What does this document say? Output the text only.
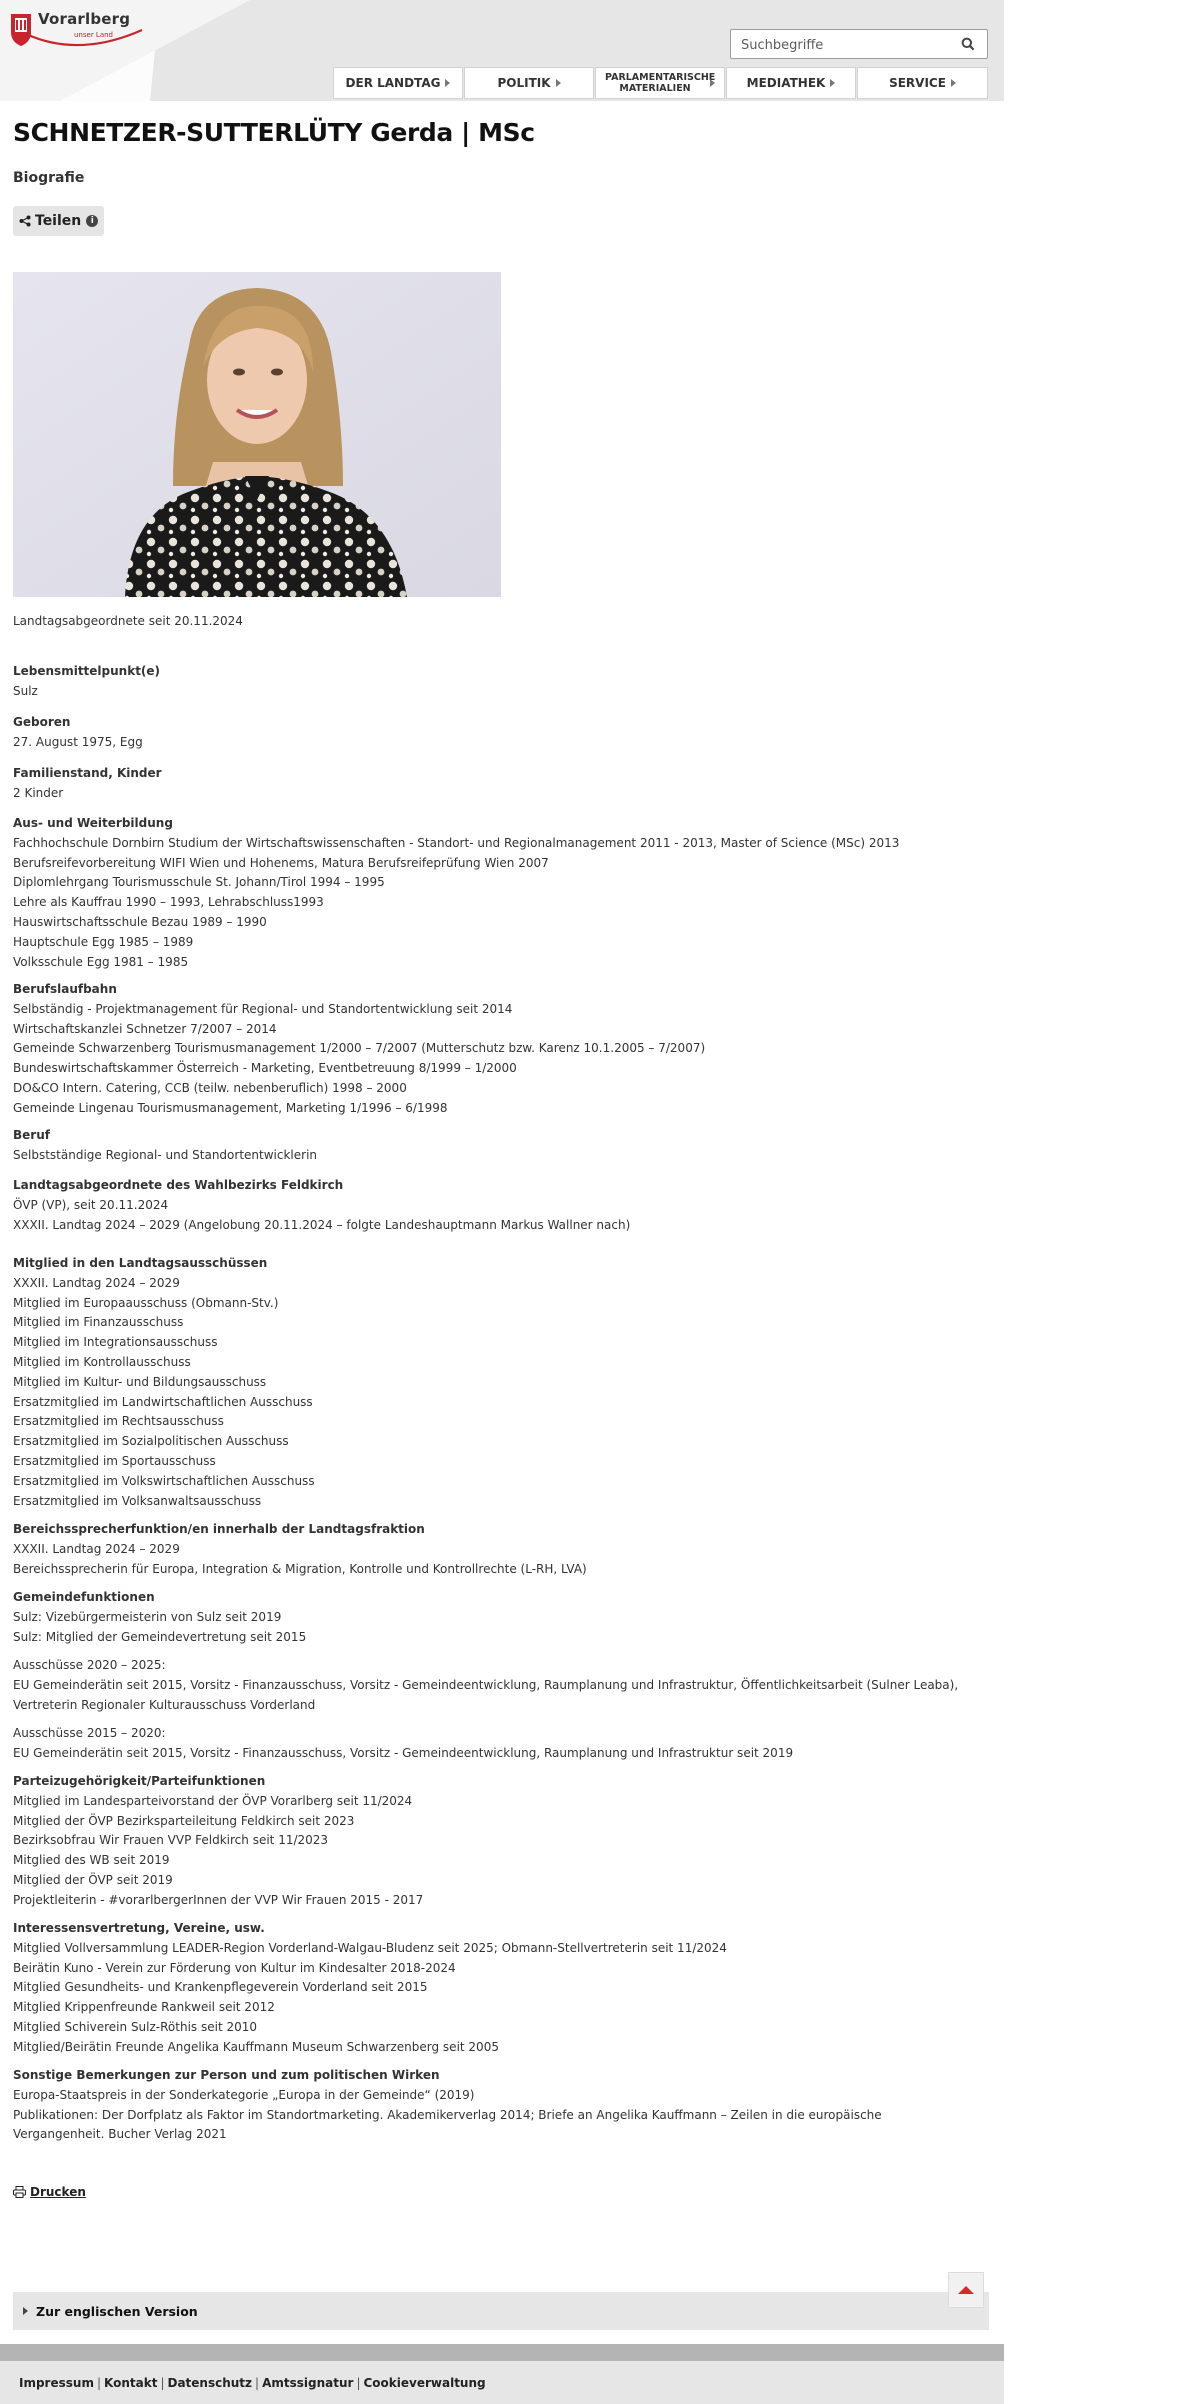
Vorarlberg
unser Land
Suchbegriffe
DER LANDTAG	POLITIK	PARLAMENTARISCHE MATERIALIEN	MEDIATHEK	SERVICE
SCHNETZER-SUTTERLÜTY Gerda | MSc
Biografie
Teilen	i
Landtagsabgeordnete seit 20.11.2024
Lebensmittelpunkt(e)
Sulz
Geboren
27. August 1975, Egg
Familienstand, Kinder
2 Kinder
Aus- und Weiterbildung
Fachhochschule Dornbirn Studium der Wirtschaftswissenschaften - Standort- und Regionalmanagement 2011 - 2013, Master of Science (MSc) 2013
Berufsreifevorbereitung WIFI Wien und Hohenems, Matura Berufsreifeprüfung Wien 2007
Diplomlehrgang Tourismusschule St. Johann/Tirol 1994 – 1995
Lehre als Kauffrau 1990 – 1993, Lehrabschluss1993
Hauswirtschaftsschule Bezau 1989 – 1990
Hauptschule Egg 1985 – 1989
Volksschule Egg 1981 – 1985
Berufslaufbahn
Selbständig - Projektmanagement für Regional- und Standortentwicklung seit 2014
Wirtschaftskanzlei Schnetzer 7/2007 – 2014
Gemeinde Schwarzenberg Tourismusmanagement 1/2000 – 7/2007 (Mutterschutz bzw. Karenz 10.1.2005 – 7/2007)
Bundeswirtschaftskammer Österreich - Marketing, Eventbetreuung 8/1999 – 1/2000
DO&CO Intern. Catering, CCB (teilw. nebenberuflich) 1998 – 2000
Gemeinde Lingenau Tourismusmanagement, Marketing 1/1996 – 6/1998
Beruf
Selbstständige Regional- und Standortentwicklerin
Landtagsabgeordnete des Wahlbezirks Feldkirch
ÖVP (VP), seit 20.11.2024
XXXII. Landtag 2024 – 2029 (Angelobung 20.11.2024 – folgte Landeshauptmann Markus Wallner nach)
Mitglied in den Landtagsausschüssen
XXXII. Landtag 2024 – 2029
Mitglied im Europaausschuss (Obmann-Stv.)
Mitglied im Finanzausschuss
Mitglied im Integrationsausschuss
Mitglied im Kontrollausschuss
Mitglied im Kultur- und Bildungsausschuss
Ersatzmitglied im Landwirtschaftlichen Ausschuss
Ersatzmitglied im Rechtsausschuss
Ersatzmitglied im Sozialpolitischen Ausschuss
Ersatzmitglied im Sportausschuss
Ersatzmitglied im Volkswirtschaftlichen Ausschuss
Ersatzmitglied im Volksanwaltsausschuss
Bereichssprecherfunktion/en innerhalb der Landtagsfraktion
XXXII. Landtag 2024 – 2029
Bereichssprecherin für Europa, Integration & Migration, Kontrolle und Kontrollrechte (L-RH, LVA)
Gemeindefunktionen
Sulz: Vizebürgermeisterin von Sulz seit 2019
Sulz: Mitglied der Gemeindevertretung seit 2015
Ausschüsse 2020 – 2025:
EU Gemeinderätin seit 2015, Vorsitz - Finanzausschuss, Vorsitz - Gemeindeentwicklung, Raumplanung und Infrastruktur, Öffentlichkeitsarbeit (Sulner Leaba), Vertreterin Regionaler Kulturausschuss Vorderland
Ausschüsse 2015 – 2020:
EU Gemeinderätin seit 2015, Vorsitz - Finanzausschuss, Vorsitz - Gemeindeentwicklung, Raumplanung und Infrastruktur seit 2019
Parteizugehörigkeit/Parteifunktionen
Mitglied im Landesparteivorstand der ÖVP Vorarlberg seit 11/2024
Mitglied der ÖVP Bezirksparteileitung Feldkirch seit 2023
Bezirksobfrau Wir Frauen VVP Feldkirch seit 11/2023
Mitglied des WB seit 2019
Mitglied der ÖVP seit 2019
Projektleiterin - #vorarlbergerInnen der VVP Wir Frauen 2015 - 2017
Interessensvertretung, Vereine, usw.
Mitglied Vollversammlung LEADER-Region Vorderland-Walgau-Bludenz seit 2025; Obmann-Stellvertreterin seit 11/2024
Beirätin Kuno - Verein zur Förderung von Kultur im Kindesalter 2018-2024
Mitglied Gesundheits- und Krankenpflegeverein Vorderland seit 2015
Mitglied Krippenfreunde Rankweil seit 2012
Mitglied Schiverein Sulz-Röthis seit 2010
Mitglied/Beirätin Freunde Angelika Kauffmann Museum Schwarzenberg seit 2005
Sonstige Bemerkungen zur Person und zum politischen Wirken
Europa-Staatspreis in der Sonderkategorie „Europa in der Gemeinde“ (2019)
Publikationen: Der Dorfplatz als Faktor im Standortmarketing. Akademikerverlag 2014; Briefe an Angelika Kauffmann – Zeilen in die europäische Vergangenheit. Bucher Verlag 2021
Drucken
Zur englischen Version
Impressum | Kontakt | Datenschutz | Amtssignatur | Cookieverwaltung
